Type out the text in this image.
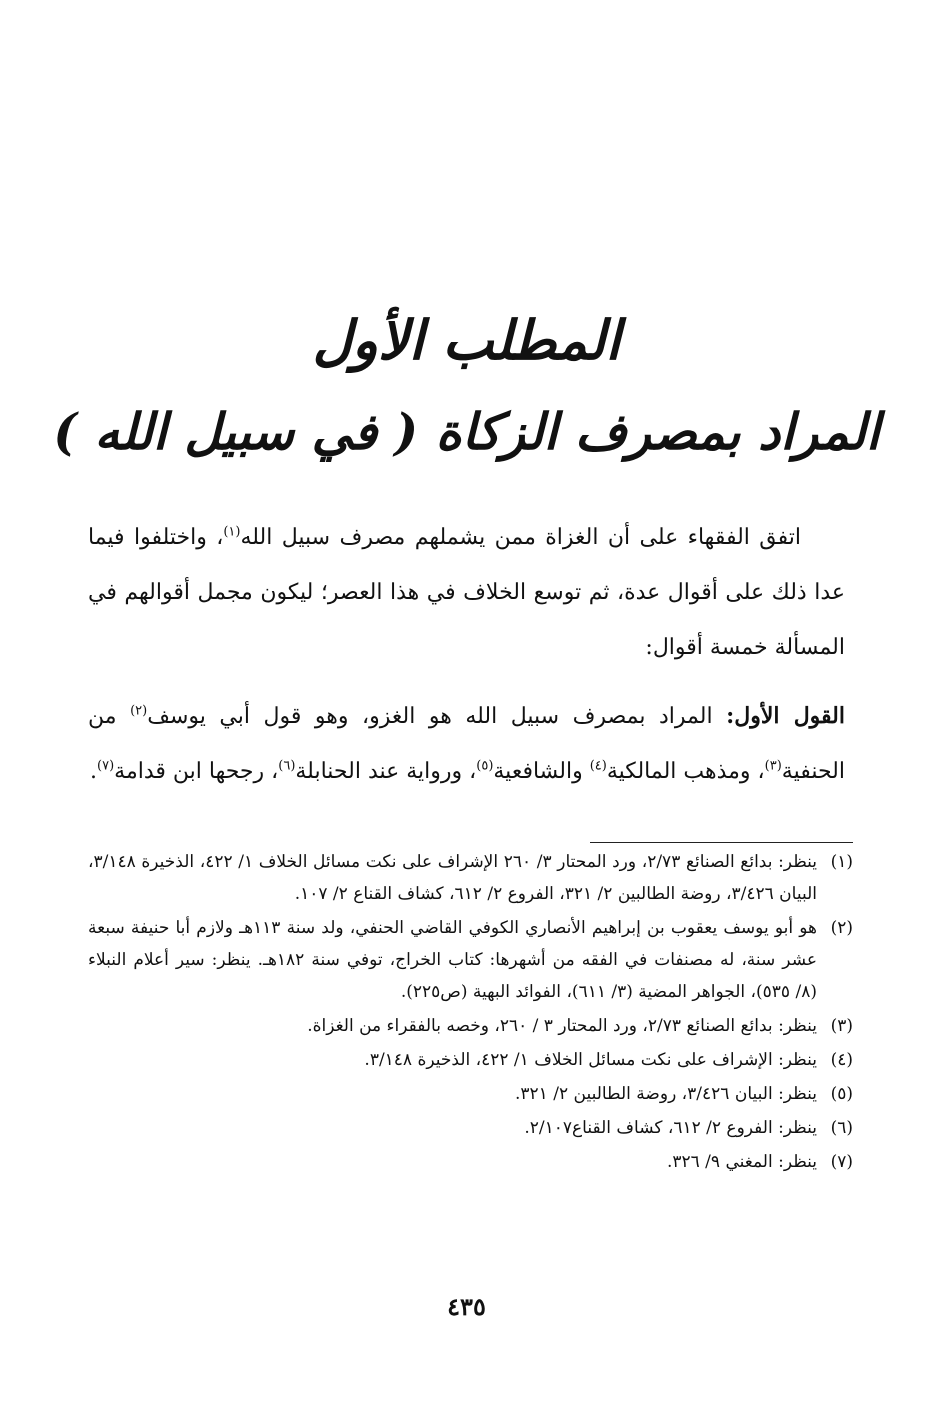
المطلب الأول
المراد بمصرف الزكاة ( في سبيل الله )

اتفق الفقهاء على أن الغزاة ممن يشملهم مصرف سبيل الله$^{(١)}$، واختلفوا فيما عدا ذلك على أقوال عدة، ثم توسع الخلاف في هذا العصر؛ ليكون مجمل أقوالهم في المسألة خمسة أقوال:

القول الأول: المراد بمصرف سبيل الله هو الغزو، وهو قول أبي يوسف$^{(٢)}$ من الحنفية$^{(٣)}$، ومذهب المالكية$^{(٤)}$ والشافعية$^{(٥)}$، ورواية عند الحنابلة$^{(٦)}$، رجحها ابن قدامة$^{(٧)}$.

(١)
ينظر: بدائع الصنائع ٢/٧٣، ورد المحتار ٣/ ٢٦٠ الإشراف على نكت مسائل الخلاف ١/ ٤٢٢، الذخيرة ٣/١٤٨، البيان ٣/٤٢٦، روضة الطالبين ٢/ ٣٢١، الفروع ٢/ ٦١٢، كشاف القناع ٢/ ١٠٧.
(٢)
هو أبو يوسف يعقوب بن إبراهيم الأنصاري الكوفي القاضي الحنفي، ولد سنة ١١٣هـ ولازم أبا حنيفة سبعة عشر سنة، له مصنفات في الفقه من أشهرها: كتاب الخراج، توفي سنة ١٨٢هـ. ينظر: سير أعلام النبلاء (٨/ ٥٣٥)، الجواهر المضية (٣/ ٦١١)، الفوائد البهية (ص٢٢٥).
(٣)
ينظر: بدائع الصنائع ٢/٧٣، ورد المحتار ٣ / ٢٦٠، وخصه بالفقراء من الغزاة.
(٤)
ينظر: الإشراف على نكت مسائل الخلاف ١/ ٤٢٢، الذخيرة ٣/١٤٨.
(٥)
ينظر: البيان ٣/٤٢٦، روضة الطالبين ٢/ ٣٢١.
(٦)
ينظر: الفروع ٢/ ٦١٢، كشاف القناع٢/١٠٧.
(٧)
ينظر: المغني ٩/ ٣٢٦.
٤٣٥
